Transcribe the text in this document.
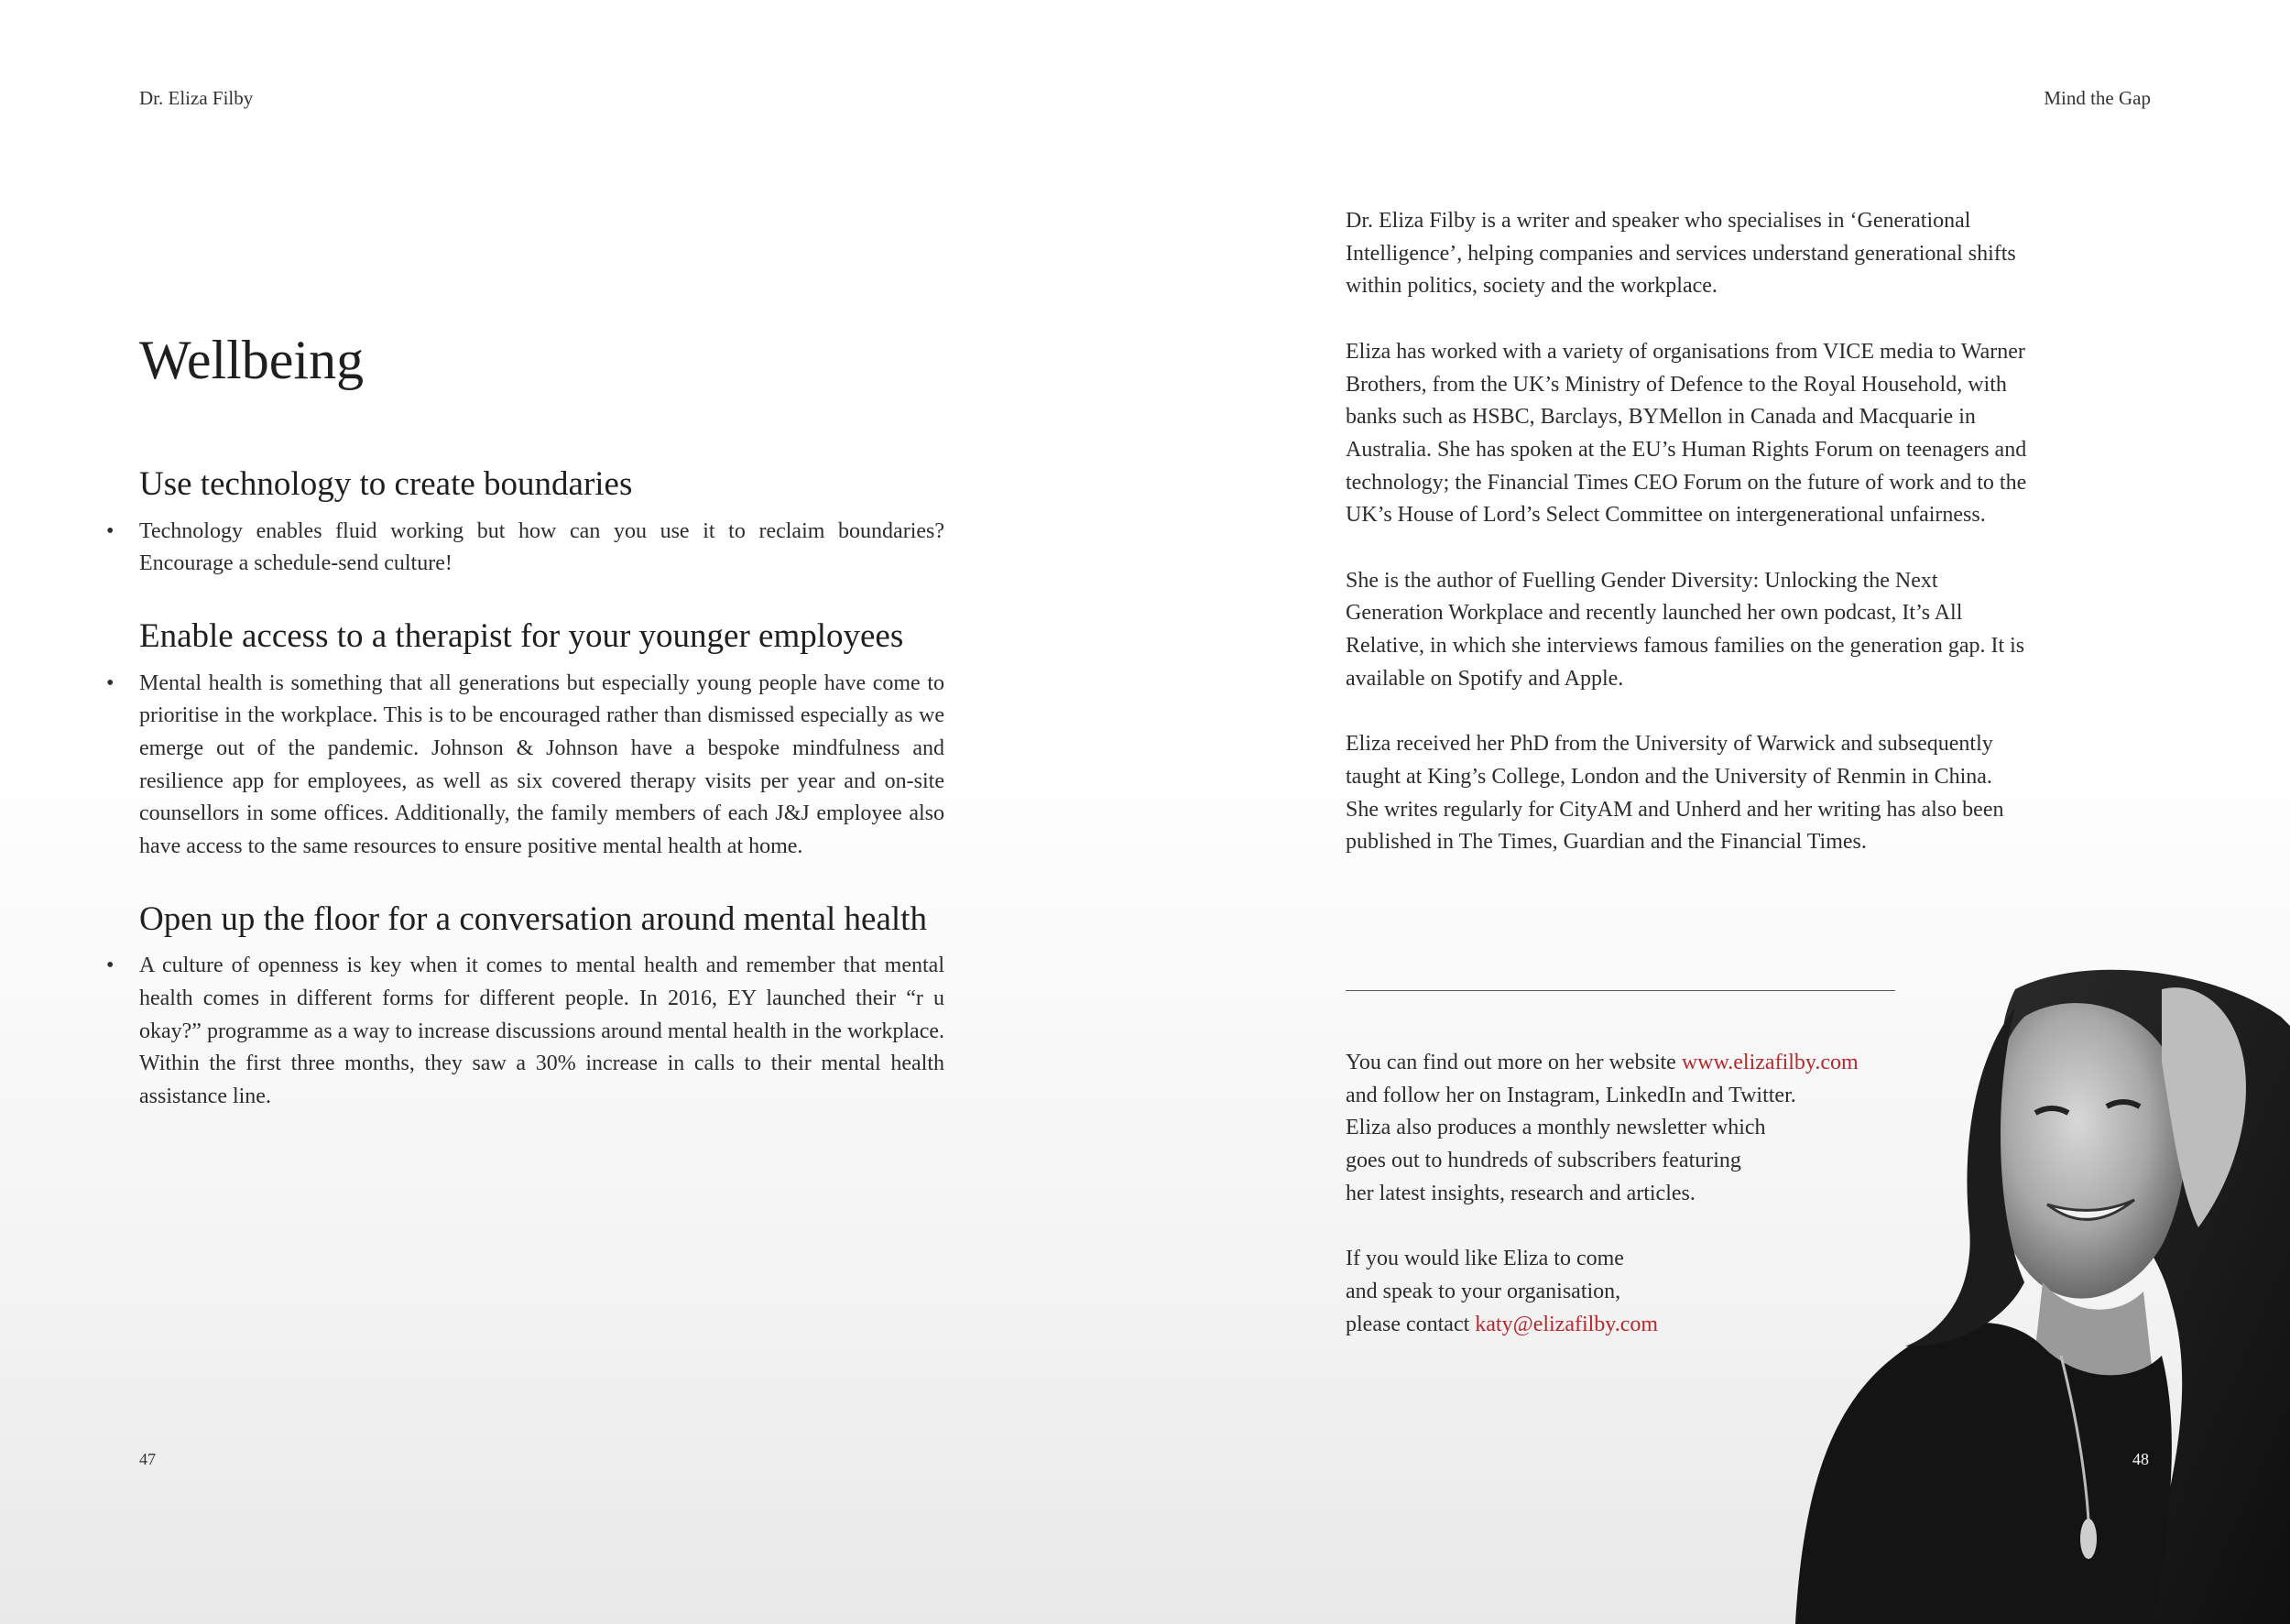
Dr. Eliza Filby	Mind the Gap
Wellbeing
Use technology to create boundaries

• Technology enables fluid working but how can you use it to reclaim boundaries? Encourage a schedule-send culture!

Enable access to a therapist for your younger employees

• Mental health is something that all generations but especially young people have come to prioritise in the workplace. This is to be encouraged rather than dismissed especially as we emerge out of the pandemic. Johnson & Johnson have a bespoke mindfulness and resilience app for employees, as well as six covered therapy visits per year and on-site counsellors in some offices. Additionally, the family members of each J&J employee also have access to the same resources to ensure positive mental health at home.

Open up the floor for a conversation around mental health

• A culture of openness is key when it comes to mental health and remember that mental health comes in different forms for different people. In 2016, EY launched their “r u okay?” programme as a way to increase discussions around mental health in the workplace. Within the first three months, they saw a 30% increase in calls to their mental health assistance line.

47

Dr. Eliza Filby is a writer and speaker who specialises in ‘Generational Intelligence’, helping companies and services understand generational shifts within politics, society and the workplace.

Eliza has worked with a variety of organisations from VICE media to Warner Brothers, from the UK’s Ministry of Defence to the Royal Household, with banks such as HSBC, Barclays, BYMellon in Canada and Macquarie in Australia. She has spoken at the EU’s Human Rights Forum on teenagers and technology; the Financial Times CEO Forum on the future of work and to the UK’s House of Lord’s Select Committee on intergenerational unfairness.

She is the author of Fuelling Gender Diversity: Unlocking the Next Generation Workplace and recently launched her own podcast, It’s All Relative, in which she interviews famous families on the generation gap. It is available on Spotify and Apple.

Eliza received her PhD from the University of Warwick and subsequently taught at King’s College, London and the University of Renmin in China. She writes regularly for CityAM and Unherd and her writing has also been published in The Times, Guardian and the Financial Times.

You can find out more on her website www.elizafilby.com
and follow her on Instagram, LinkedIn and Twitter.
Eliza also produces a monthly newsletter which
goes out to hundreds of subscribers featuring
her latest insights, research and articles.

If you would like Eliza to come
and speak to your organisation,
please contact katy@elizafilby.com

48
